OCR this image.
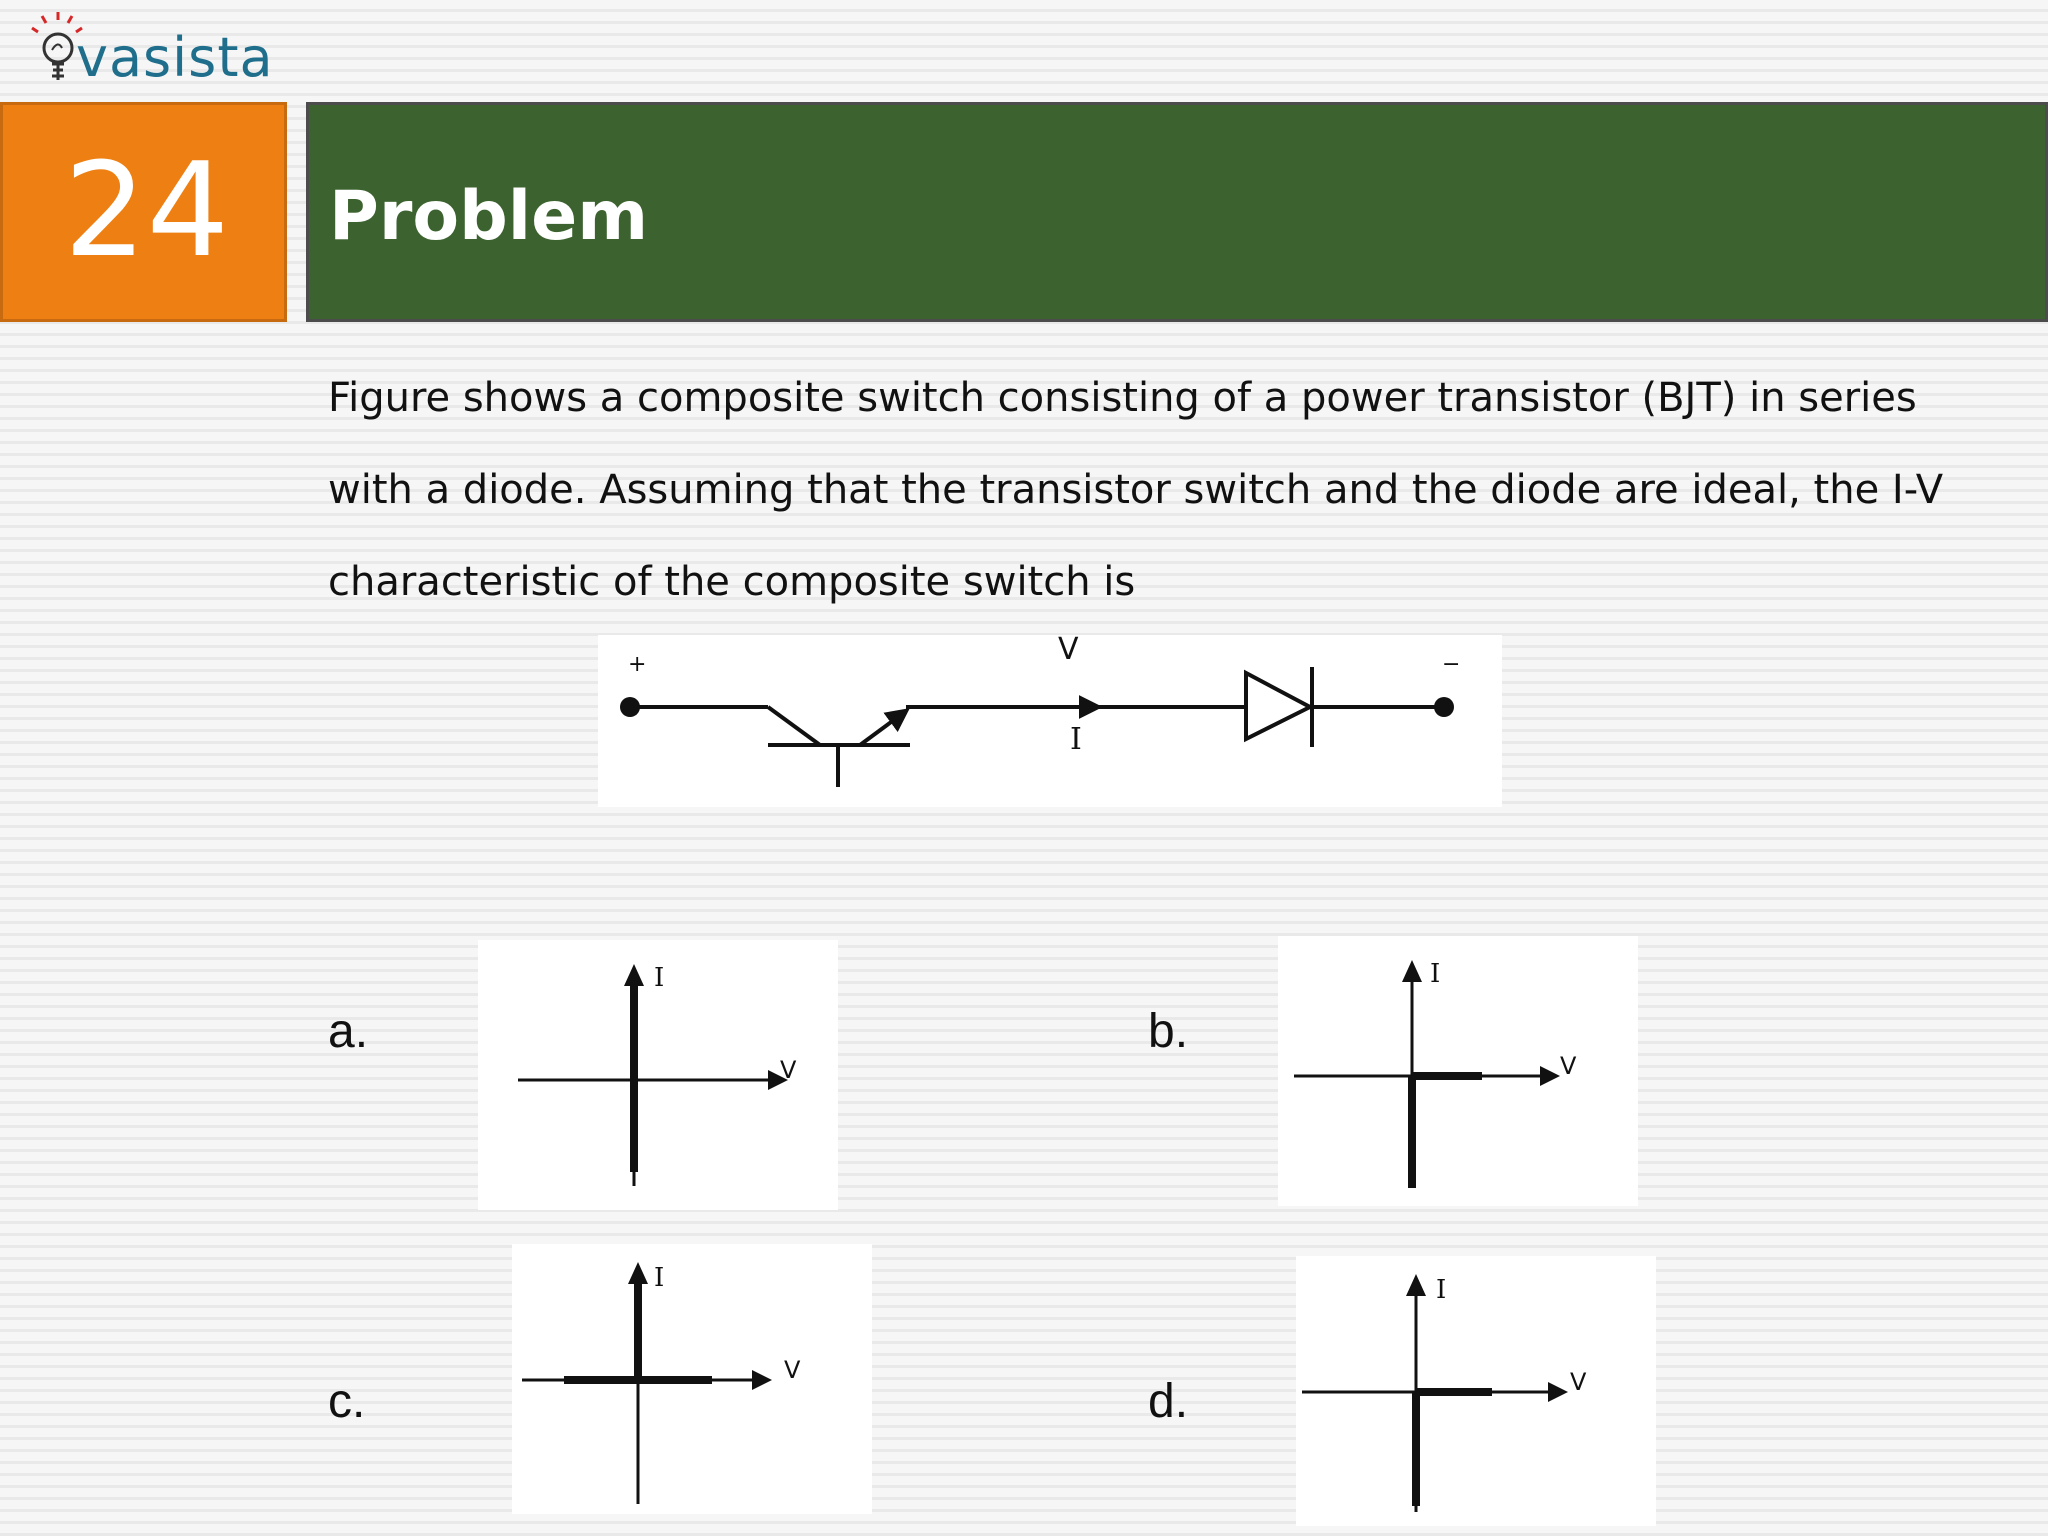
vasista
24	Problem
Figure shows a composite switch consisting of a power transistor (BJT) in series
with a diode. Assuming that the transistor switch and the diode are ideal, the I-V
characteristic of the composite switch is
+	−
V
I
a.
I
V
b.
I
V
c.
I
V
d.
I
V
